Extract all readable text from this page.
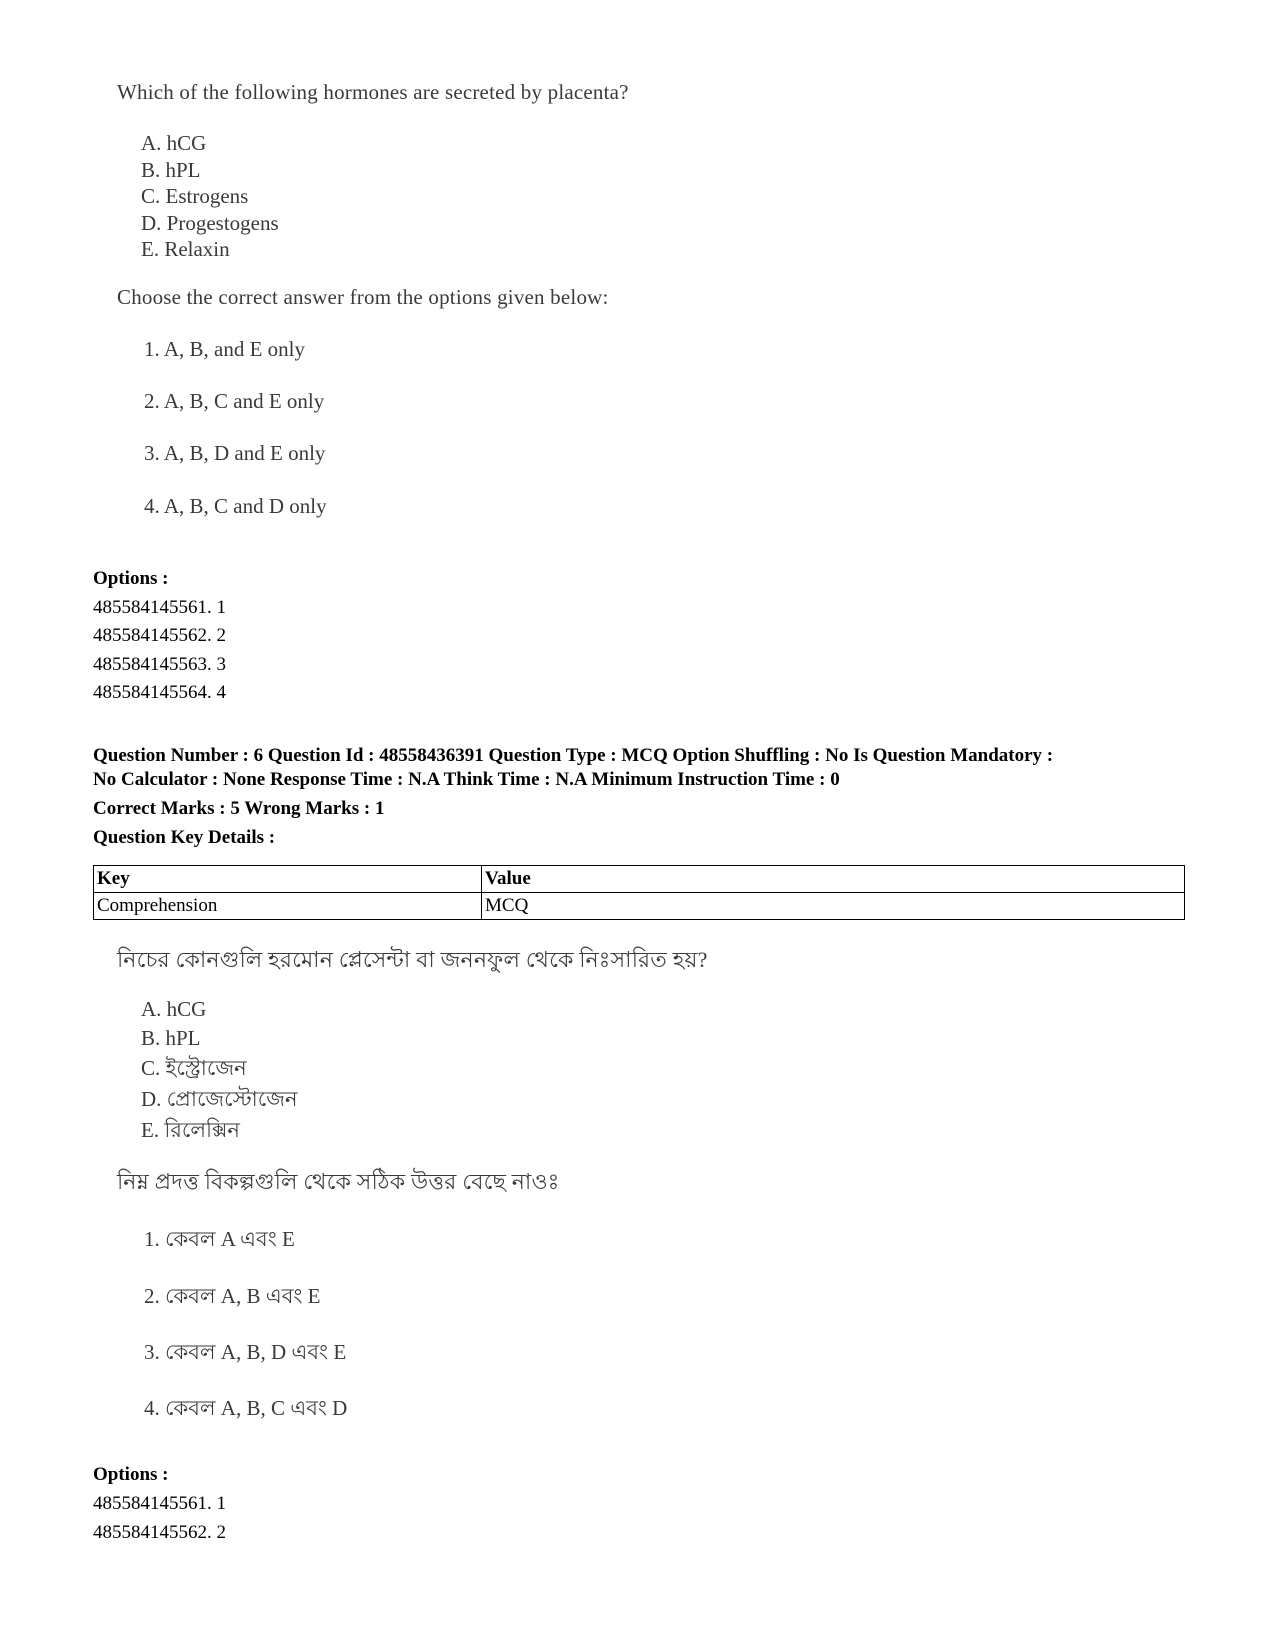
Which of the following hormones are secreted by placenta?
A. hCG
B. hPL
C. Estrogens
D. Progestogens
E. Relaxin
Choose the correct answer from the options given below:
1. A, B, and E only
2. A, B, C and E only
3. A, B, D and E only
4. A, B, C and D only
Options :
485584145561. 1
485584145562. 2
485584145563. 3
485584145564. 4
Question Number : 6 Question Id : 48558436391 Question Type : MCQ Option Shuffling : No Is Question Mandatory :
No Calculator : None Response Time : N.A Think Time : N.A Minimum Instruction Time : 0
Correct Marks : 5 Wrong Marks : 1
Question Key Details :
Key	Value
Comprehension	MCQ
নিচের কোনগুলি হরমোন প্লেসেন্টা বা জননফুল থেকে নিঃসারিত হয়?
A. hCG
B. hPL
C. ইস্ট্রোজেন
D. প্রোজেস্টোজেন
E. রিলেক্সিন
নিম্ন প্রদত্ত বিকল্পগুলি থেকে সঠিক উত্তর বেছে নাওঃ
1. কেবল A এবং E
2. কেবল A, B এবং E
3. কেবল A, B, D এবং E
4. কেবল A, B, C এবং D
Options :
485584145561. 1
485584145562. 2
